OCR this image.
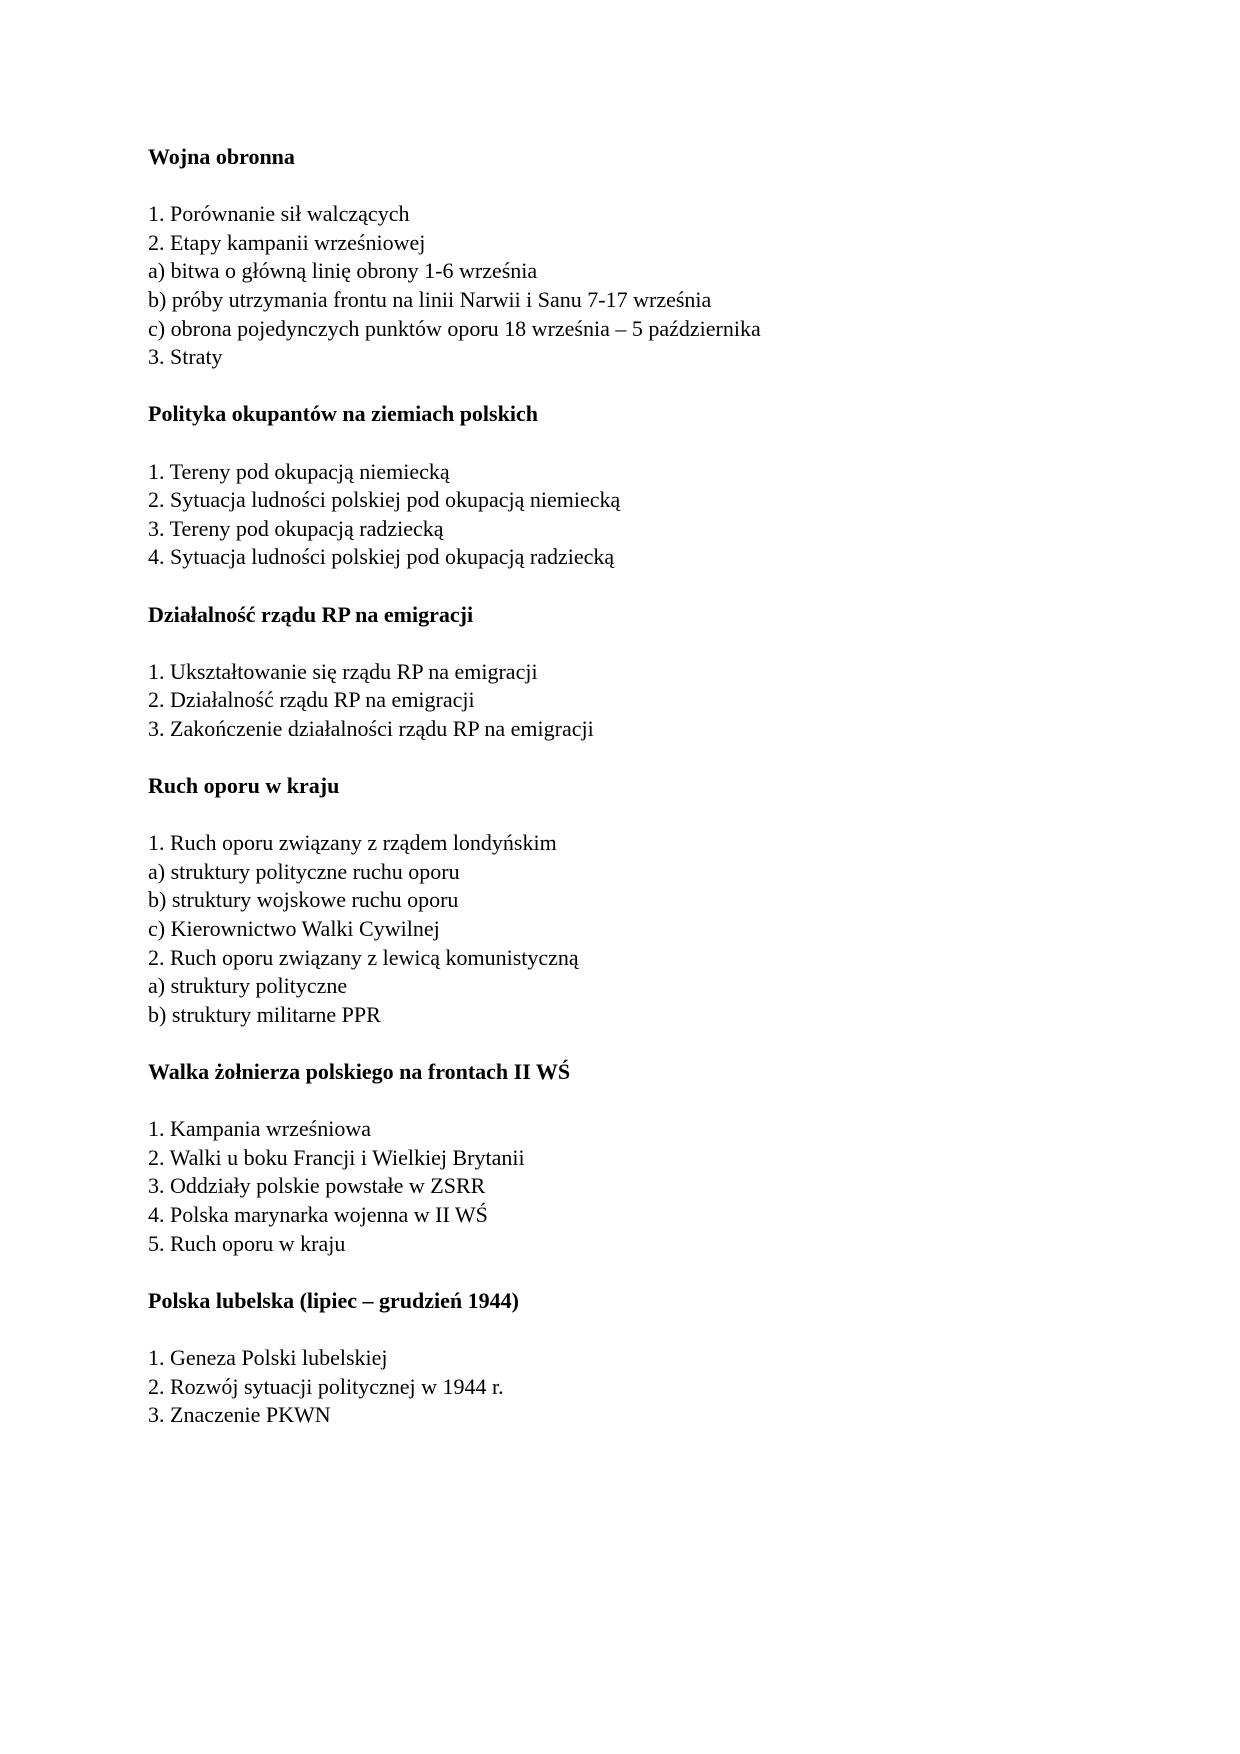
Wojna obronna
1. Porównanie sił walczących
2. Etapy kampanii wrześniowej
a) bitwa o główną linię obrony 1-6 września
b) próby utrzymania frontu na linii Narwii i Sanu 7-17 września
c) obrona pojedynczych punktów oporu 18 września – 5 października
3. Straty
Polityka okupantów na ziemiach polskich
1. Tereny pod okupacją niemiecką
2. Sytuacja ludności polskiej pod okupacją niemiecką
3. Tereny pod okupacją radziecką
4. Sytuacja ludności polskiej pod okupacją radziecką
Działalność rządu RP na emigracji
1. Ukształtowanie się rządu RP na emigracji
2. Działalność rządu RP na emigracji
3. Zakończenie działalności rządu RP na emigracji
Ruch oporu w kraju
1. Ruch oporu związany z rządem londyńskim
a) struktury polityczne ruchu oporu
b) struktury wojskowe ruchu oporu
c) Kierownictwo Walki Cywilnej
2. Ruch oporu związany z lewicą komunistyczną
a) struktury polityczne
b) struktury militarne PPR
Walka żołnierza polskiego na frontach II WŚ
1. Kampania wrześniowa
2. Walki u boku Francji i Wielkiej Brytanii
3. Oddziały polskie powstałe w ZSRR
4. Polska marynarka wojenna w II WŚ
5. Ruch oporu w kraju
Polska lubelska (lipiec – grudzień 1944)
1. Geneza Polski lubelskiej
2. Rozwój sytuacji politycznej w 1944 r.
3. Znaczenie PKWN
